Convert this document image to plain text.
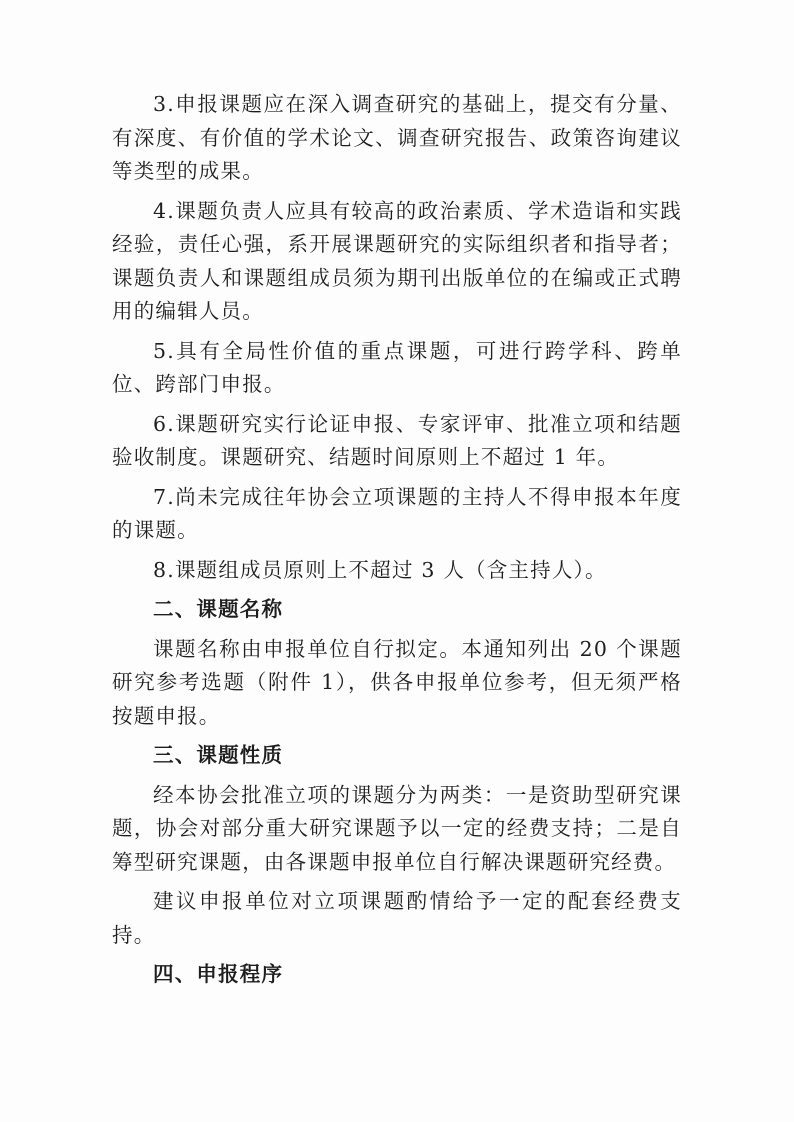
3.申报课题应在深入调查研究的基础上，提交有分量、有深度、有价值的学术论文、调查研究报告、政策咨询建议等类型的成果。

4.课题负责人应具有较高的政治素质、学术造诣和实践经验，责任心强，系开展课题研究的实际组织者和指导者；课题负责人和课题组成员须为期刊出版单位的在编或正式聘用的编辑人员。

5.具有全局性价值的重点课题，可进行跨学科、跨单位、跨部门申报。

6.课题研究实行论证申报、专家评审、批准立项和结题验收制度。课题研究、结题时间原则上不超过 1 年。

7.尚未完成往年协会立项课题的主持人不得申报本年度的课题。

8.课题组成员原则上不超过 3 人（含主持人）。

二、课题名称

课题名称由申报单位自行拟定。本通知列出 20 个课题研究参考选题（附件 1），供各申报单位参考，但无须严格按题申报。

三、课题性质

经本协会批准立项的课题分为两类：一是资助型研究课题，协会对部分重大研究课题予以一定的经费支持；二是自筹型研究课题，由各课题申报单位自行解决课题研究经费。

建议申报单位对立项课题酌情给予一定的配套经费支持。

四、申报程序
